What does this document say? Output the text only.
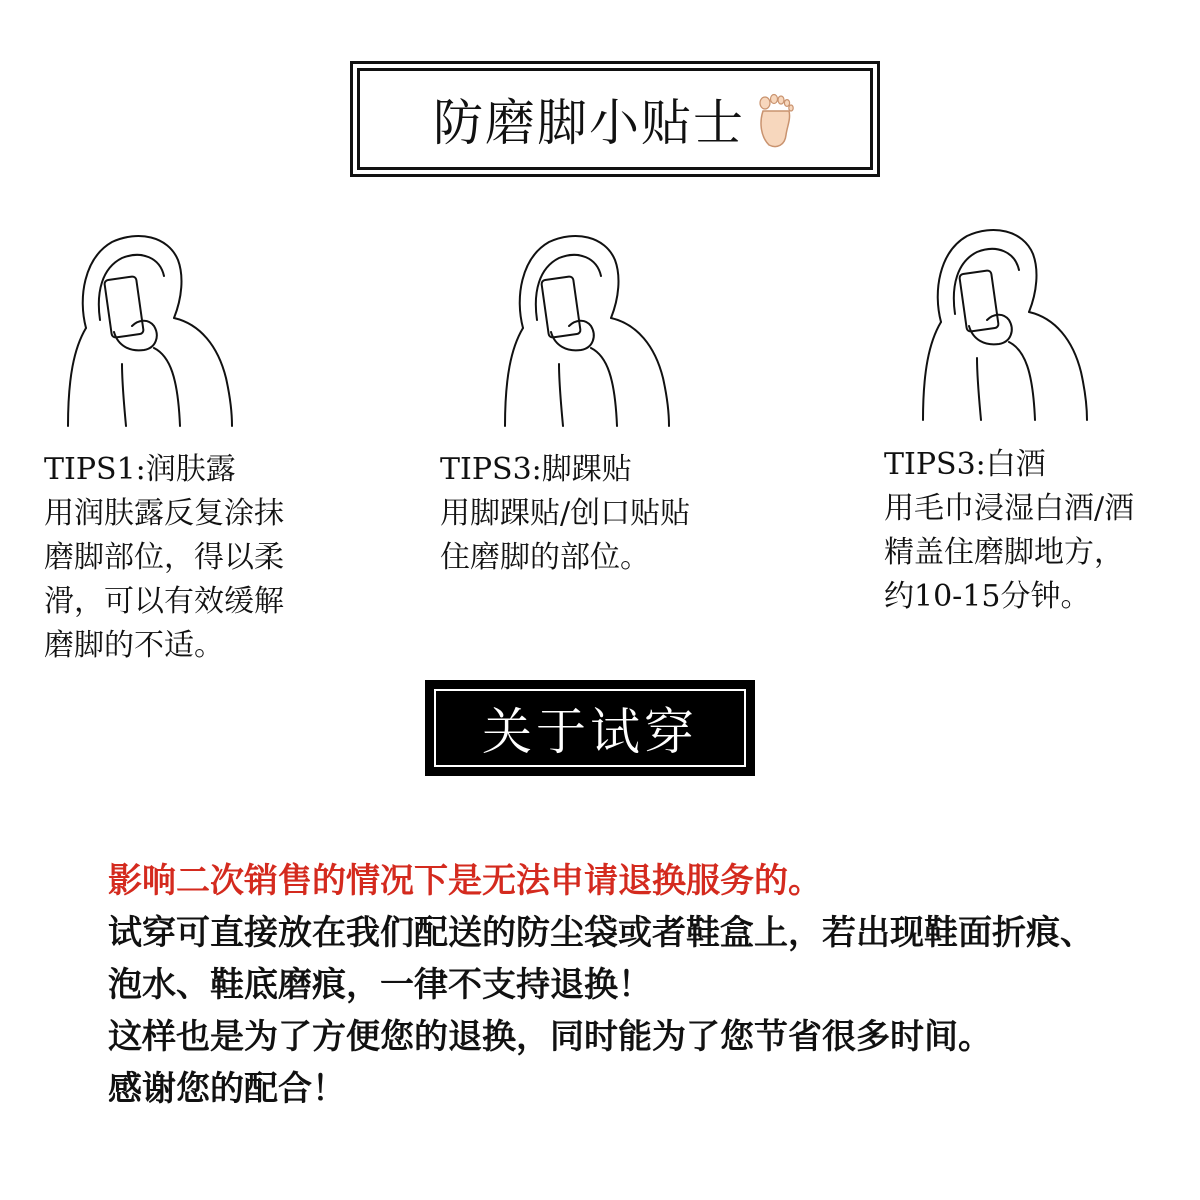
防磨脚小贴士
TIPS1:润肤露
用润肤露反复涂抹
磨脚部位，得以柔
滑，可以有效缓解
磨脚的不适。
TIPS3:脚踝贴
用脚踝贴/创口贴贴
住磨脚的部位。
TIPS3:白酒
用毛巾浸湿白酒/酒
精盖住磨脚地方，
约10-15分钟。
关于试穿
影响二次销售的情况下是无法申请退换服务的。
试穿可直接放在我们配送的防尘袋或者鞋盒上，若出现鞋面折痕、
泡水、鞋底磨痕，一律不支持退换！
这样也是为了方便您的退换，同时能为了您节省很多时间。
感谢您的配合！
